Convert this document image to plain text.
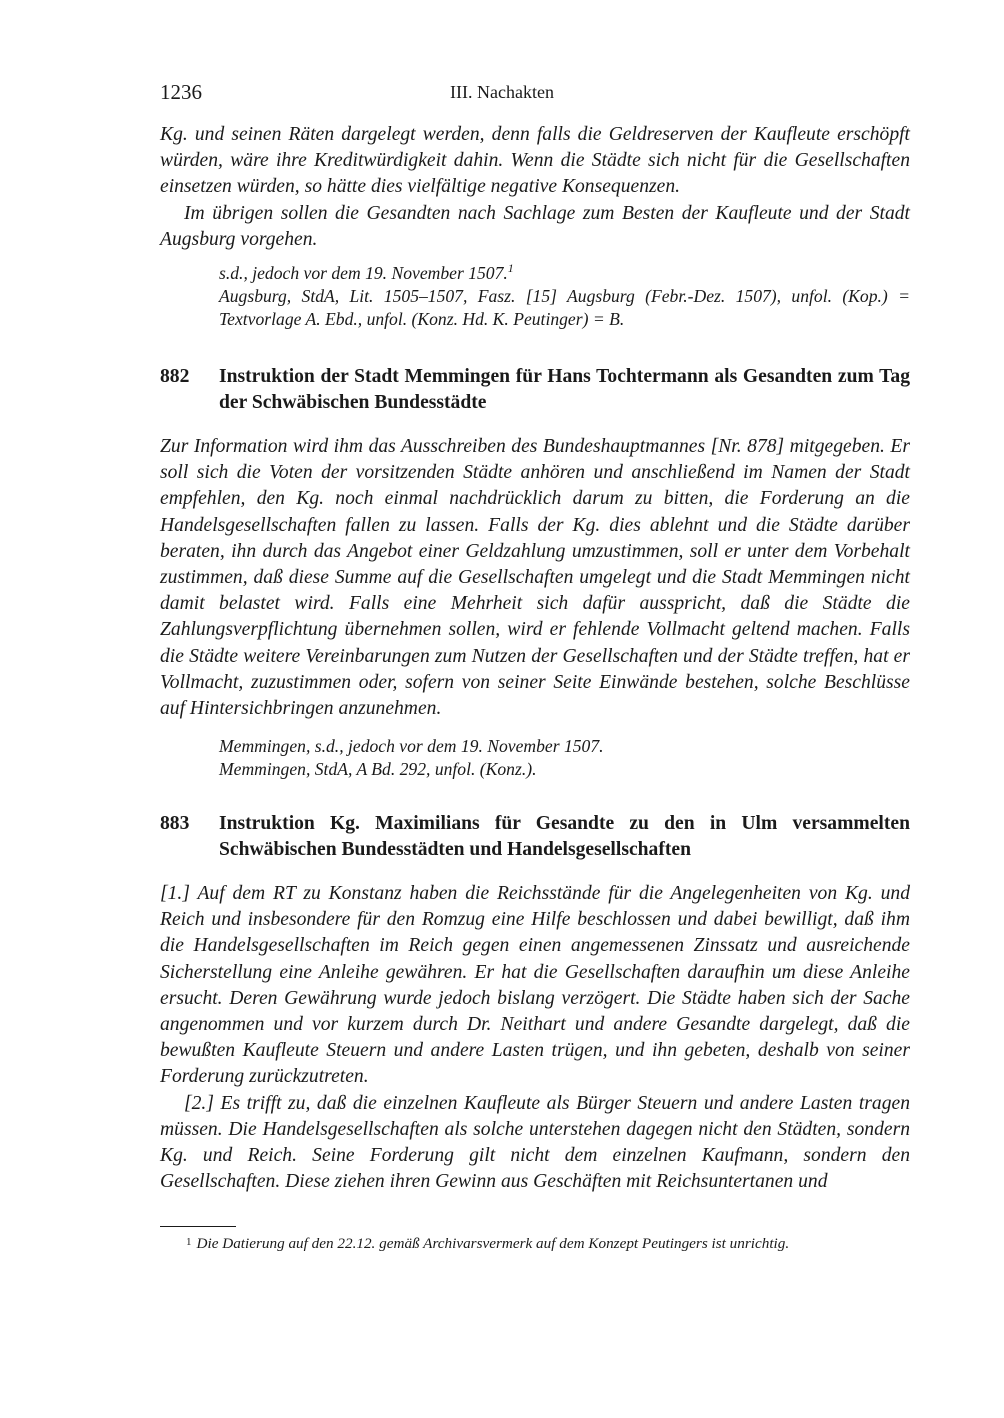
1236	III. Nachakten

Kg. und seinen Räten dargelegt werden, denn falls die Geldreserven der Kaufleute erschöpft würden, wäre ihre Kreditwürdigkeit dahin. Wenn die Städte sich nicht für die Gesellschaften einsetzen würden, so hätte dies vielfältige negative Konsequenzen.

Im übrigen sollen die Gesandten nach Sachlage zum Besten der Kaufleute und der Stadt Augsburg vorgehen.

s.d., jedoch vor dem 19. November 1507.$^1$
Augsburg, StdA, Lit. 1505–1507, Fasz. [15] Augsburg (Febr.-Dez. 1507), unfol. (Kop.) = Textvorlage A. Ebd., unfol. (Konz. Hd. K. Peutinger) = B.
882 Instruktion der Stadt Memmingen für Hans Tochtermann als Gesandten zum Tag der Schwäbischen Bundesstädte

Zur Information wird ihm das Ausschreiben des Bundeshauptmannes [Nr. 878] mitgegeben. Er soll sich die Voten der vorsitzenden Städte anhören und anschließend im Namen der Stadt empfehlen, den Kg. noch einmal nachdrücklich darum zu bitten, die Forderung an die Handelsgesellschaften fallen zu lassen. Falls der Kg. dies ablehnt und die Städte darüber beraten, ihn durch das Angebot einer Geldzahlung umzustimmen, soll er unter dem Vorbehalt zustimmen, daß diese Summe auf die Gesellschaften umgelegt und die Stadt Memmingen nicht damit belastet wird. Falls eine Mehrheit sich dafür ausspricht, daß die Städte die Zahlungsverpflichtung übernehmen sollen, wird er fehlende Vollmacht geltend machen. Falls die Städte weitere Vereinbarungen zum Nutzen der Gesellschaften und der Städte treffen, hat er Vollmacht, zuzustimmen oder, sofern von seiner Seite Einwände bestehen, solche Beschlüsse auf Hintersichbringen anzunehmen.

Memmingen, s.d., jedoch vor dem 19. November 1507.
Memmingen, StdA, A Bd. 292, unfol. (Konz.).
883 Instruktion Kg. Maximilians für Gesandte zu den in Ulm versammelten Schwäbischen Bundesstädten und Handelsgesellschaften

[1.] Auf dem RT zu Konstanz haben die Reichsstände für die Angelegenheiten von Kg. und Reich und insbesondere für den Romzug eine Hilfe beschlossen und dabei bewilligt, daß ihm die Handelsgesellschaften im Reich gegen einen angemessenen Zinssatz und ausreichende Sicherstellung eine Anleihe gewähren. Er hat die Gesellschaften daraufhin um diese Anleihe ersucht. Deren Gewährung wurde jedoch bislang verzögert. Die Städte haben sich der Sache angenommen und vor kurzem durch Dr. Neithart und andere Gesandte dargelegt, daß die bewußten Kaufleute Steuern und andere Lasten trügen, und ihn gebeten, deshalb von seiner Forderung zurückzutreten.

[2.] Es trifft zu, daß die einzelnen Kaufleute als Bürger Steuern und andere Lasten tragen müssen. Die Handelsgesellschaften als solche unterstehen dagegen nicht den Städten, sondern Kg. und Reich. Seine Forderung gilt nicht dem einzelnen Kaufmann, sondern den Gesellschaften. Diese ziehen ihren Gewinn aus Geschäften mit Reichsuntertanen und

1 Die Datierung auf den 22.12. gemäß Archivarsvermerk auf dem Konzept Peutingers ist unrichtig.
